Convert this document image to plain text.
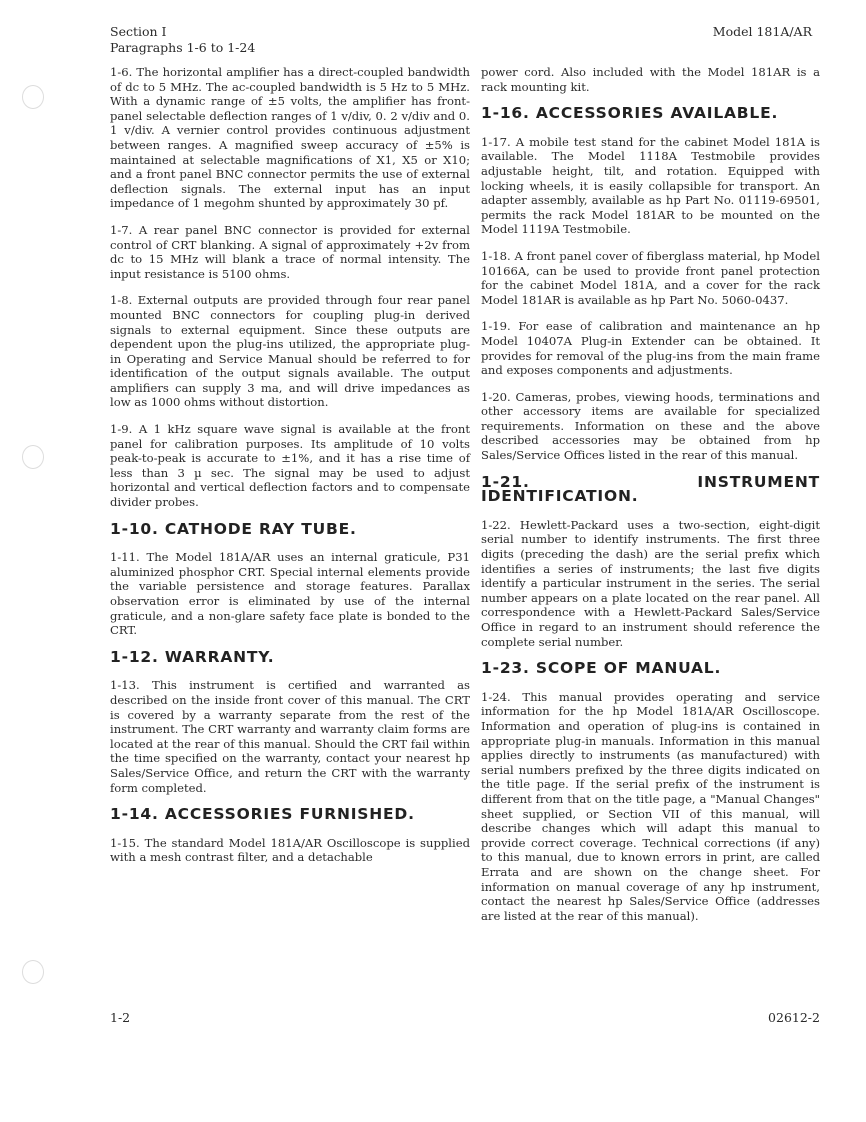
Section I
Paragraphs 1-6 to 1-24
Model 181A/AR

1-6. The horizontal amplifier has a direct-coupled bandwidth of dc to 5 MHz. The ac-coupled bandwidth is 5 Hz to 5 MHz. With a dynamic range of ±5 volts, the amplifier has front-panel selectable deflection ranges of 1 v/div, 0. 2 v/div and 0. 1 v/div. A vernier control provides continuous adjustment between ranges. A magnified sweep accuracy of ±5% is maintained at selectable magnifications of X1, X5 or X10; and a front panel BNC connector permits the use of external deflection signals. The external input has an input impedance of 1 megohm shunted by approximately 30 pf.

1-7. A rear panel BNC connector is provided for external control of CRT blanking. A signal of approximately +2v from dc to 15 MHz will blank a trace of normal intensity. The input resistance is 5100 ohms.

1-8. External outputs are provided through four rear panel mounted BNC connectors for coupling plug-in derived signals to external equipment. Since these outputs are dependent upon the plug-ins utilized, the appropriate plug-in Operating and Service Manual should be referred to for identification of the output signals available. The output amplifiers can supply 3 ma, and will drive impedances as low as 1000 ohms without distortion.

1-9. A 1 kHz square wave signal is available at the front panel for calibration purposes. Its amplitude of 10 volts peak-to-peak is accurate to ±1%, and it has a rise time of less than 3 µ sec. The signal may be used to adjust horizontal and vertical deflection factors and to compensate divider probes.

1-10. CATHODE RAY TUBE.

1-11. The Model 181A/AR uses an internal graticule, P31 aluminized phosphor CRT. Special internal elements provide the variable persistence and storage features. Parallax observation error is eliminated by use of the internal graticule, and a non-glare safety face plate is bonded to the CRT.

1-12. WARRANTY.

1-13. This instrument is certified and warranted as described on the inside front cover of this manual. The CRT is covered by a warranty separate from the rest of the instrument. The CRT warranty and warranty claim forms are located at the rear of this manual. Should the CRT fail within the time specified on the warranty, contact your nearest hp Sales/Service Office, and return the CRT with the warranty form completed.

1-14. ACCESSORIES FURNISHED.

1-15. The standard Model 181A/AR Oscilloscope is supplied with a mesh contrast filter, and a detachable

power cord. Also included with the Model 181AR is a rack mounting kit.

1-16. ACCESSORIES AVAILABLE.

1-17. A mobile test stand for the cabinet Model 181A is available. The Model 1118A Testmobile provides adjustable height, tilt, and rotation. Equipped with locking wheels, it is easily collapsible for transport. An adapter assembly, available as hp Part No. 01119-69501, permits the rack Model 181AR to be mounted on the Model 1119A Testmobile.

1-18. A front panel cover of fiberglass material, hp Model 10166A, can be used to provide front panel protection for the cabinet Model 181A, and a cover for the rack Model 181AR is available as hp Part No. 5060-0437.

1-19. For ease of calibration and maintenance an hp Model 10407A Plug-in Extender can be obtained. It provides for removal of the plug-ins from the main frame and exposes components and adjustments.

1-20. Cameras, probes, viewing hoods, terminations and other accessory items are available for specialized requirements. Information on these and the above described accessories may be obtained from hp Sales/Service Offices listed in the rear of this manual.

1-21. INSTRUMENT IDENTIFICATION.

1-22. Hewlett-Packard uses a two-section, eight-digit serial number to identify instruments. The first three digits (preceding the dash) are the serial prefix which identifies a series of instruments; the last five digits identify a particular instrument in the series. The serial number appears on a plate located on the rear panel. All correspondence with a Hewlett-Packard Sales/Service Office in regard to an instrument should reference the complete serial number.

1-23. SCOPE OF MANUAL.

1-24. This manual provides operating and service information for the hp Model 181A/AR Oscilloscope. Information and operation of plug-ins is contained in appropriate plug-in manuals. Information in this manual applies directly to instruments (as manufactured) with serial numbers prefixed by the three digits indicated on the title page. If the serial prefix of the instrument is different from that on the title page, a "Manual Changes" sheet supplied, or Section VII of this manual, will describe changes which will adapt this manual to provide correct coverage. Technical corrections (if any) to this manual, due to known errors in print, are called Errata and are shown on the change sheet. For information on manual coverage of any hp instrument, contact the nearest hp Sales/Service Office (addresses are listed at the rear of this manual).

1-2	02612-2
